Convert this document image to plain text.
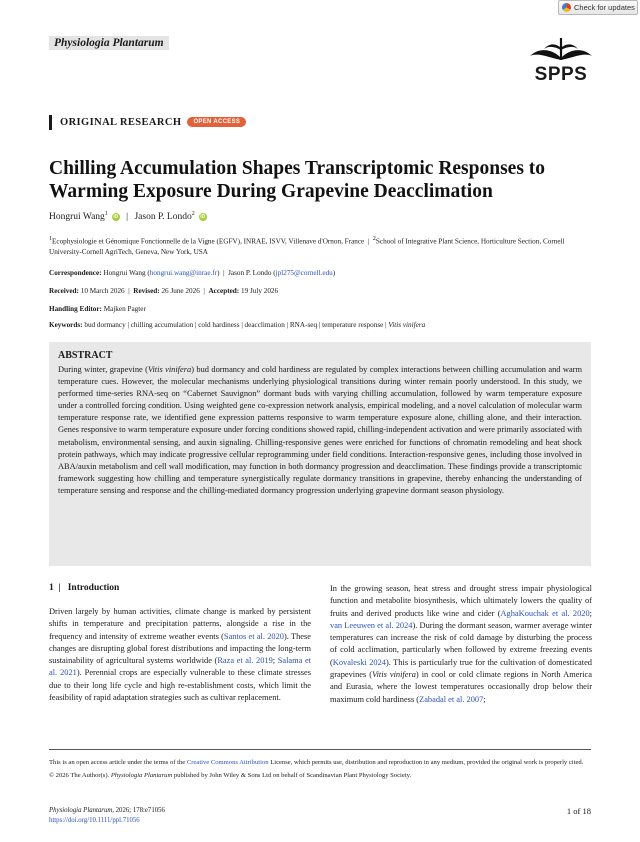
Check for updates
Physiologia Plantarum
SPPS
ORIGINAL RESEARCH	OPEN ACCESS
Chilling Accumulation Shapes Transcriptomic Responses to Warming Exposure During Grapevine Deacclimation
Hongrui Wang$^1$	iD | Jason P. Londo$^2$	iD
$^1$Ecophysiologie et Génomique Fonctionnelle de la Vigne (EGFV), INRAE, ISVV, Villenave d'Ornon, France  |  $^2$School of Integrative Plant Science, Horticulture Section, Cornell University-Cornell AgriTech, Geneva, New York, USA
Correspondence: Hongrui Wang (hongrui.wang@inrae.fr)  |  Jason P. Londo (jpl275@cornell.edu)
Received: 10 March 2026  |  Revised: 26 June 2026  |  Accepted: 19 July 2026
Handling Editor: Majken Pagter
Keywords: bud dormancy | chilling accumulation | cold hardiness | deacclimation | RNA-seq | temperature response | Vitis vinifera
ABSTRACT

During winter, grapevine (Vitis vinifera) bud dormancy and cold hardiness are regulated by complex interactions between chilling accumulation and warm temperature cues. However, the molecular mechanisms underlying physiological transitions during winter remain poorly understood. In this study, we performed time-series RNA-seq on “Cabernet Sauvignon” dormant buds with varying chilling accumulation, followed by warm temperature exposure under a controlled forcing condition. Using weighted gene co-expression network analysis, empirical modeling, and a novel calculation of molecular warm temperature response rate, we identified gene expression patterns responsive to warm temperature exposure alone, chilling alone, and their interaction. Genes responsive to warm temperature exposure under forcing conditions showed rapid, chilling-independent activation and were primarily associated with metabolism, environmental sensing, and auxin signaling. Chilling-responsive genes were enriched for functions of chromatin remodeling and heat shock protein pathways, which may indicate progressive cellular reprogramming under field conditions. Interaction-responsive genes, including those involved in ABA/auxin metabolism and cell wall modification, may function in both dormancy progression and deacclimation. These findings provide a transcriptomic framework suggesting how chilling and temperature synergistically regulate dormancy transitions in grapevine, thereby enhancing the understanding of temperature sensing and response and the chilling-mediated dormancy progression underlying grapevine dormant season physiology.

1  |   Introduction

Driven largely by human activities, climate change is marked by persistent shifts in temperature and precipitation patterns, alongside a rise in the frequency and intensity of extreme weather events (Santos et al. 2020). These changes are disrupting global forest distributions and impacting the long-term sustainability of agricultural systems worldwide (Raza et al. 2019; Salama et al. 2021). Perennial crops are especially vulnerable to these climate stresses due to their long life cycle and high re-establishment costs, which limit the feasibility of rapid adaptation strategies such as cultivar replacement.

In the growing season, heat stress and drought stress impair physiological function and metabolite biosynthesis, which ultimately lowers the quality of fruits and derived products like wine and cider (AghaKouchak et al. 2020; van Leeuwen et al. 2024). During the dormant season, warmer average winter temperatures can increase the risk of cold damage by disturbing the process of cold acclimation, particularly when followed by extreme freezing events (Kovaleski 2024). This is particularly true for the cultivation of domesticated grapevines (Vitis vinifera) in cool or cold climate regions in North America and Eurasia, where the lowest temperatures occasionally drop below their maximum cold hardiness (Zabadal et al. 2007;

This is an open access article under the terms of the Creative Commons Attribution License, which permits use, distribution and reproduction in any medium, provided the original work is properly cited.
© 2026 The Author(s). Physiologia Plantarum published by John Wiley & Sons Ltd on behalf of Scandinavian Plant Physiology Society.
Physiologia Plantarum, 2026; 178:e71056
https://doi.org/10.1111/ppl.71056
1 of 18
